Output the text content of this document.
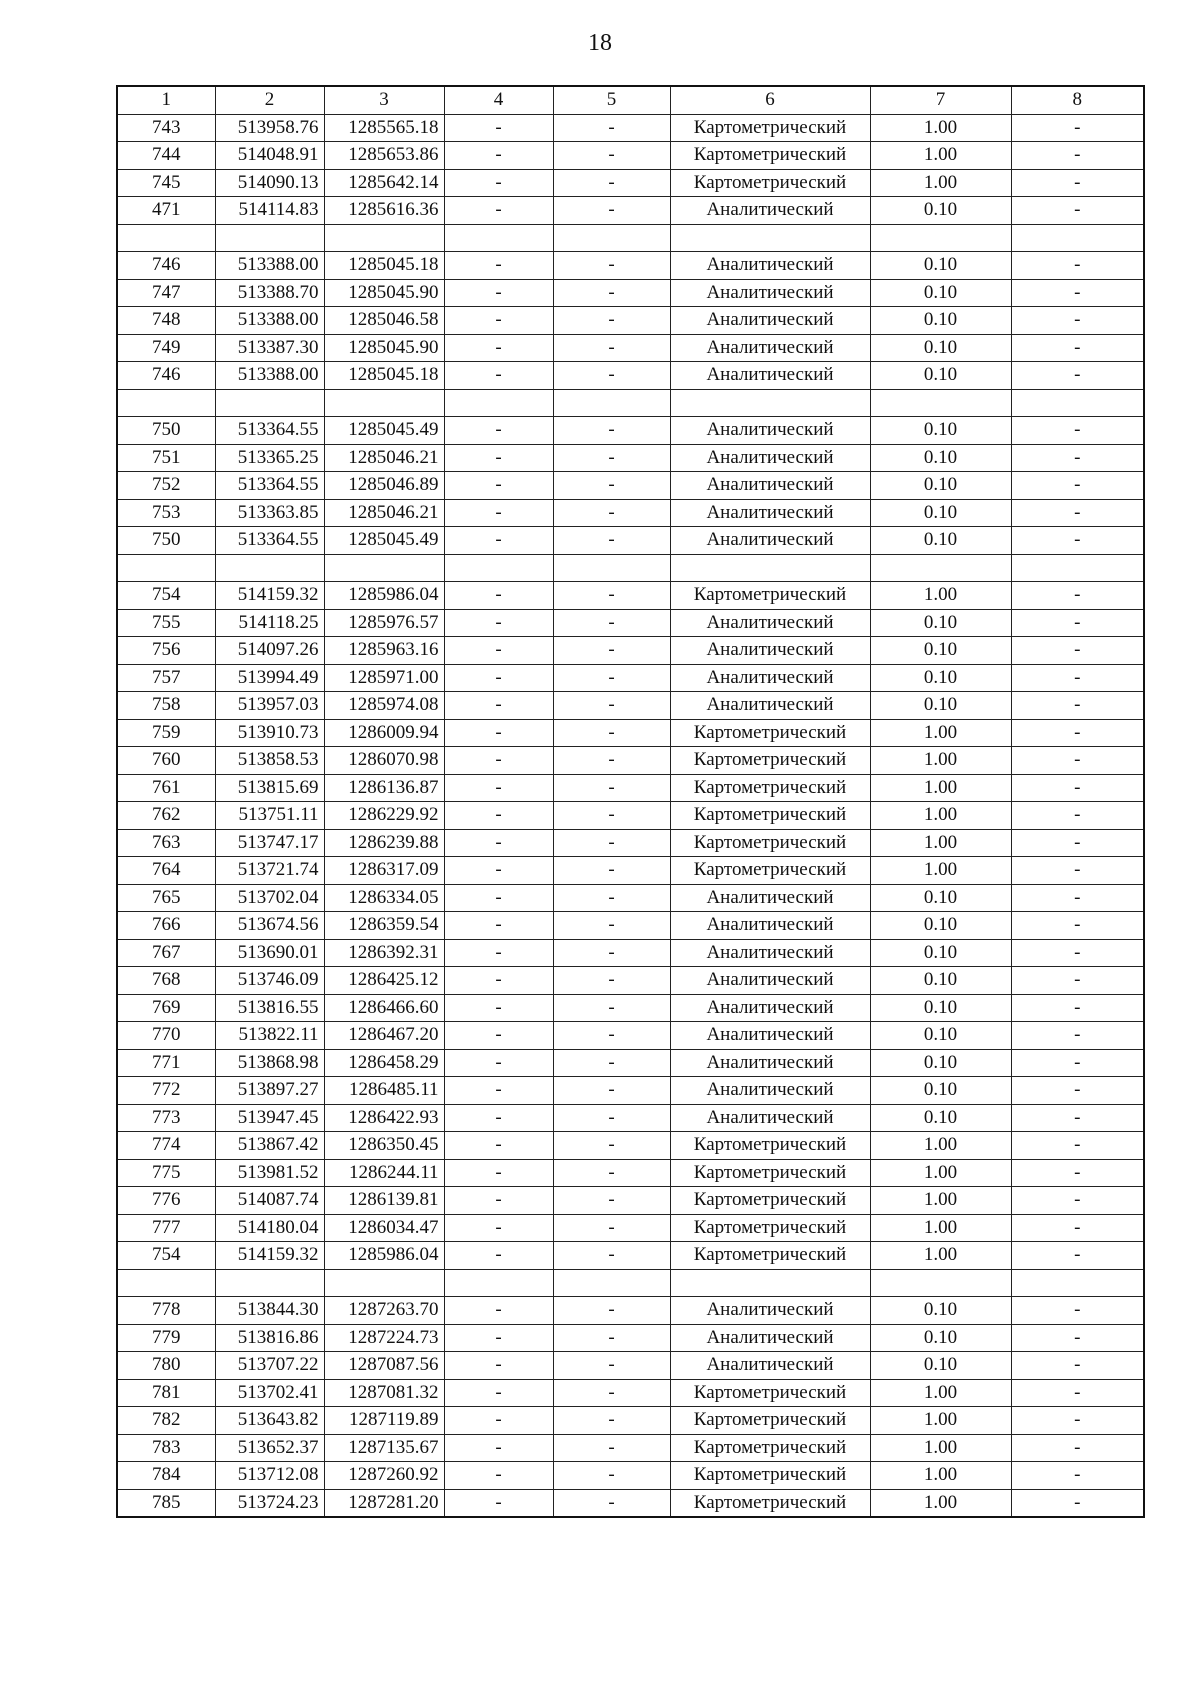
18
1	2	3	4	5	6	7	8
743	513958.76	1285565.18	-	-	Картометрический	1.00	-
744	514048.91	1285653.86	-	-	Картометрический	1.00	-
745	514090.13	1285642.14	-	-	Картометрический	1.00	-
471	514114.83	1285616.36	-	-	Аналитический	0.10	-

746	513388.00	1285045.18	-	-	Аналитический	0.10	-
747	513388.70	1285045.90	-	-	Аналитический	0.10	-
748	513388.00	1285046.58	-	-	Аналитический	0.10	-
749	513387.30	1285045.90	-	-	Аналитический	0.10	-
746	513388.00	1285045.18	-	-	Аналитический	0.10	-

750	513364.55	1285045.49	-	-	Аналитический	0.10	-
751	513365.25	1285046.21	-	-	Аналитический	0.10	-
752	513364.55	1285046.89	-	-	Аналитический	0.10	-
753	513363.85	1285046.21	-	-	Аналитический	0.10	-
750	513364.55	1285045.49	-	-	Аналитический	0.10	-

754	514159.32	1285986.04	-	-	Картометрический	1.00	-
755	514118.25	1285976.57	-	-	Аналитический	0.10	-
756	514097.26	1285963.16	-	-	Аналитический	0.10	-
757	513994.49	1285971.00	-	-	Аналитический	0.10	-
758	513957.03	1285974.08	-	-	Аналитический	0.10	-
759	513910.73	1286009.94	-	-	Картометрический	1.00	-
760	513858.53	1286070.98	-	-	Картометрический	1.00	-
761	513815.69	1286136.87	-	-	Картометрический	1.00	-
762	513751.11	1286229.92	-	-	Картометрический	1.00	-
763	513747.17	1286239.88	-	-	Картометрический	1.00	-
764	513721.74	1286317.09	-	-	Картометрический	1.00	-
765	513702.04	1286334.05	-	-	Аналитический	0.10	-
766	513674.56	1286359.54	-	-	Аналитический	0.10	-
767	513690.01	1286392.31	-	-	Аналитический	0.10	-
768	513746.09	1286425.12	-	-	Аналитический	0.10	-
769	513816.55	1286466.60	-	-	Аналитический	0.10	-
770	513822.11	1286467.20	-	-	Аналитический	0.10	-
771	513868.98	1286458.29	-	-	Аналитический	0.10	-
772	513897.27	1286485.11	-	-	Аналитический	0.10	-
773	513947.45	1286422.93	-	-	Аналитический	0.10	-
774	513867.42	1286350.45	-	-	Картометрический	1.00	-
775	513981.52	1286244.11	-	-	Картометрический	1.00	-
776	514087.74	1286139.81	-	-	Картометрический	1.00	-
777	514180.04	1286034.47	-	-	Картометрический	1.00	-
754	514159.32	1285986.04	-	-	Картометрический	1.00	-

778	513844.30	1287263.70	-	-	Аналитический	0.10	-
779	513816.86	1287224.73	-	-	Аналитический	0.10	-
780	513707.22	1287087.56	-	-	Аналитический	0.10	-
781	513702.41	1287081.32	-	-	Картометрический	1.00	-
782	513643.82	1287119.89	-	-	Картометрический	1.00	-
783	513652.37	1287135.67	-	-	Картометрический	1.00	-
784	513712.08	1287260.92	-	-	Картометрический	1.00	-
785	513724.23	1287281.20	-	-	Картометрический	1.00	-
